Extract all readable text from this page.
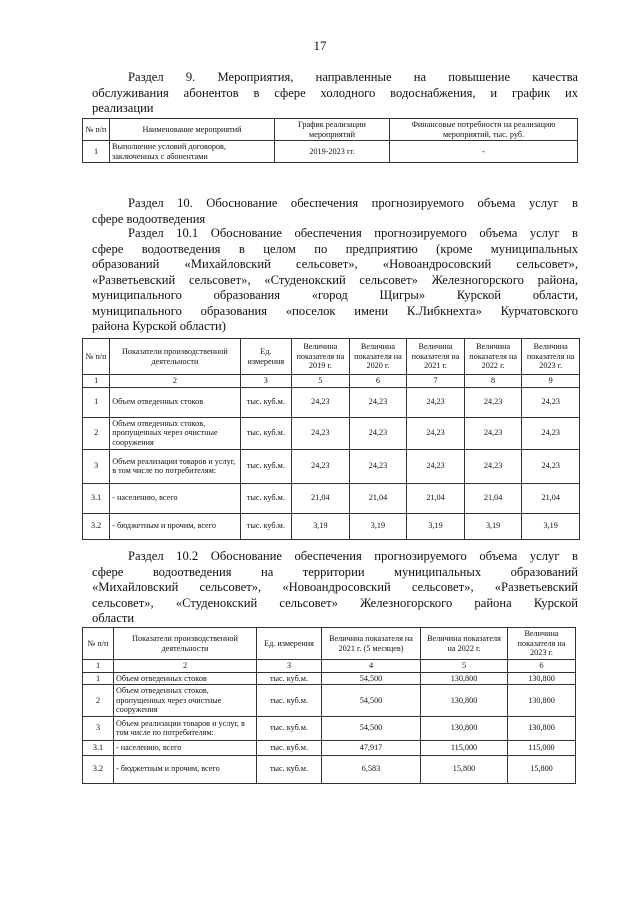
17
Раздел 9. Мероприятия, направленные на повышение качества
обслуживания абонентов в сфере холодного водоснабжения, и график их
реализации
№ п/п	Наименование мероприятий	График реализации мероприятий	Финансовые потребности на реализацию мероприятий, тыс. руб.
1	Выполнение условий договоров, заключенных с абонентами	2019-2023 гг.	-
Раздел 10. Обоснование обеспечения прогнозируемого объема услуг в
сфере водоотведения
Раздел 10.1 Обоснование обеспечения прогнозируемого объема услуг в
сфере водоотведения в целом по предприятию (кроме муниципальных
образований «Михайловский сельсовет», «Новоандросовский сельсовет»,
«Разветьевский сельсовет», «Студенокский сельсовет» Железногорского района,
муниципального образования «город Щигры» Курской области,
муниципального образования «поселок имени К.Либкнехта» Курчатовского
района Курской области)
№ п/п	Показатели производственной деятельности	Ед. измерения	Величина показателя на 2019 г.	Величина показателя на 2020 г.	Величина показателя на 2021 г.	Величина показателя на 2022 г.	Величина показателя на 2023 г.
1	2	3	5	6	7	8	9
1	Объем отведенных стоков	тыс. куб.м.	24,23	24,23	24,23	24,23	24,23
2	Объем отведенных стоков, пропущенных через очистные сооружения	тыс. куб.м.	24,23	24,23	24,23	24,23	24,23
3	Объем реализации товаров и услуг, в том числе по потребителям:	тыс. куб.м.	24,23	24,23	24,23	24,23	24,23
3.1	- населению, всего	тыс. куб.м.	21,04	21,04	21,04	21,04	21,04
3.2	- бюджетным и прочим, всего	тыс. куб.м.	3,19	3,19	3,19	3,19	3,19
Раздел 10.2 Обоснование обеспечения прогнозируемого объема услуг в
сфере водоотведения на территории муниципальных образований
«Михайловский сельсовет», «Новоандросовский сельсовет», «Разветьевский
сельсовет», «Студенокский сельсовет» Железногорского района Курской
области
№ п/п	Показатели производственной деятельности	Ед. измерения	Величина показателя на 2021 г. (5 месяцев)	Величина показателя на 2022 г.	Величина показателя на 2023 г.
1	2	3	4	5	6
1	Объем отведенных стоков	тыс. куб.м.	54,500	130,800	130,800
2	Объем отведенных стоков, пропущенных через очистные сооружения	тыс. куб.м.	54,500	130,800	130,800
3	Объем реализации товаров и услуг, в том числе по потребителям:	тыс. куб.м.	54,500	130,800	130,800
3.1	- населению, всего	тыс. куб.м.	47,917	115,000	115,000
3.2	- бюджетным и прочим, всего	тыс. куб.м.	6,583	15,800	15,800
